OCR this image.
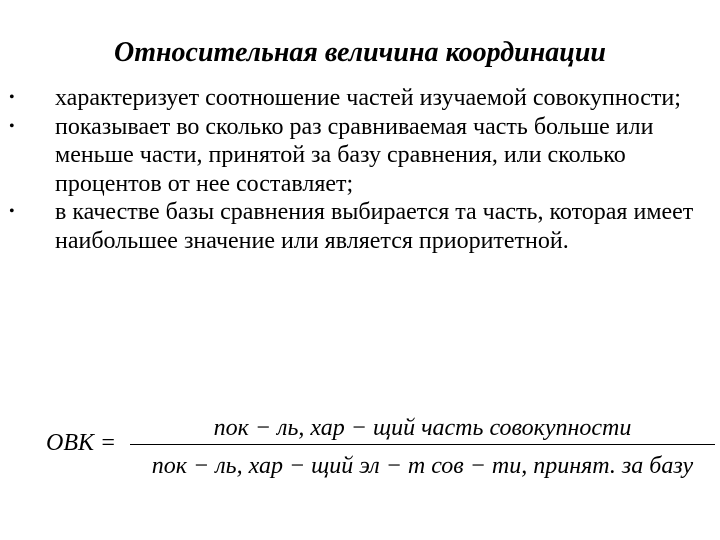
Относительная величина координации
• характеризует соотношение частей изучаемой совокупности;
• показывает во сколько раз сравниваемая часть больше или меньше части, принятой за базу сравнения, или сколько процентов от нее составляет;
• в качестве базы сравнения выбирается та часть, которая имеет наибольшее значение или является приоритетной.
ОВК =
пок − ль, хар − щий часть совокупности
пок − ль, хар − щий эл − т сов − ти, принят. за базу
